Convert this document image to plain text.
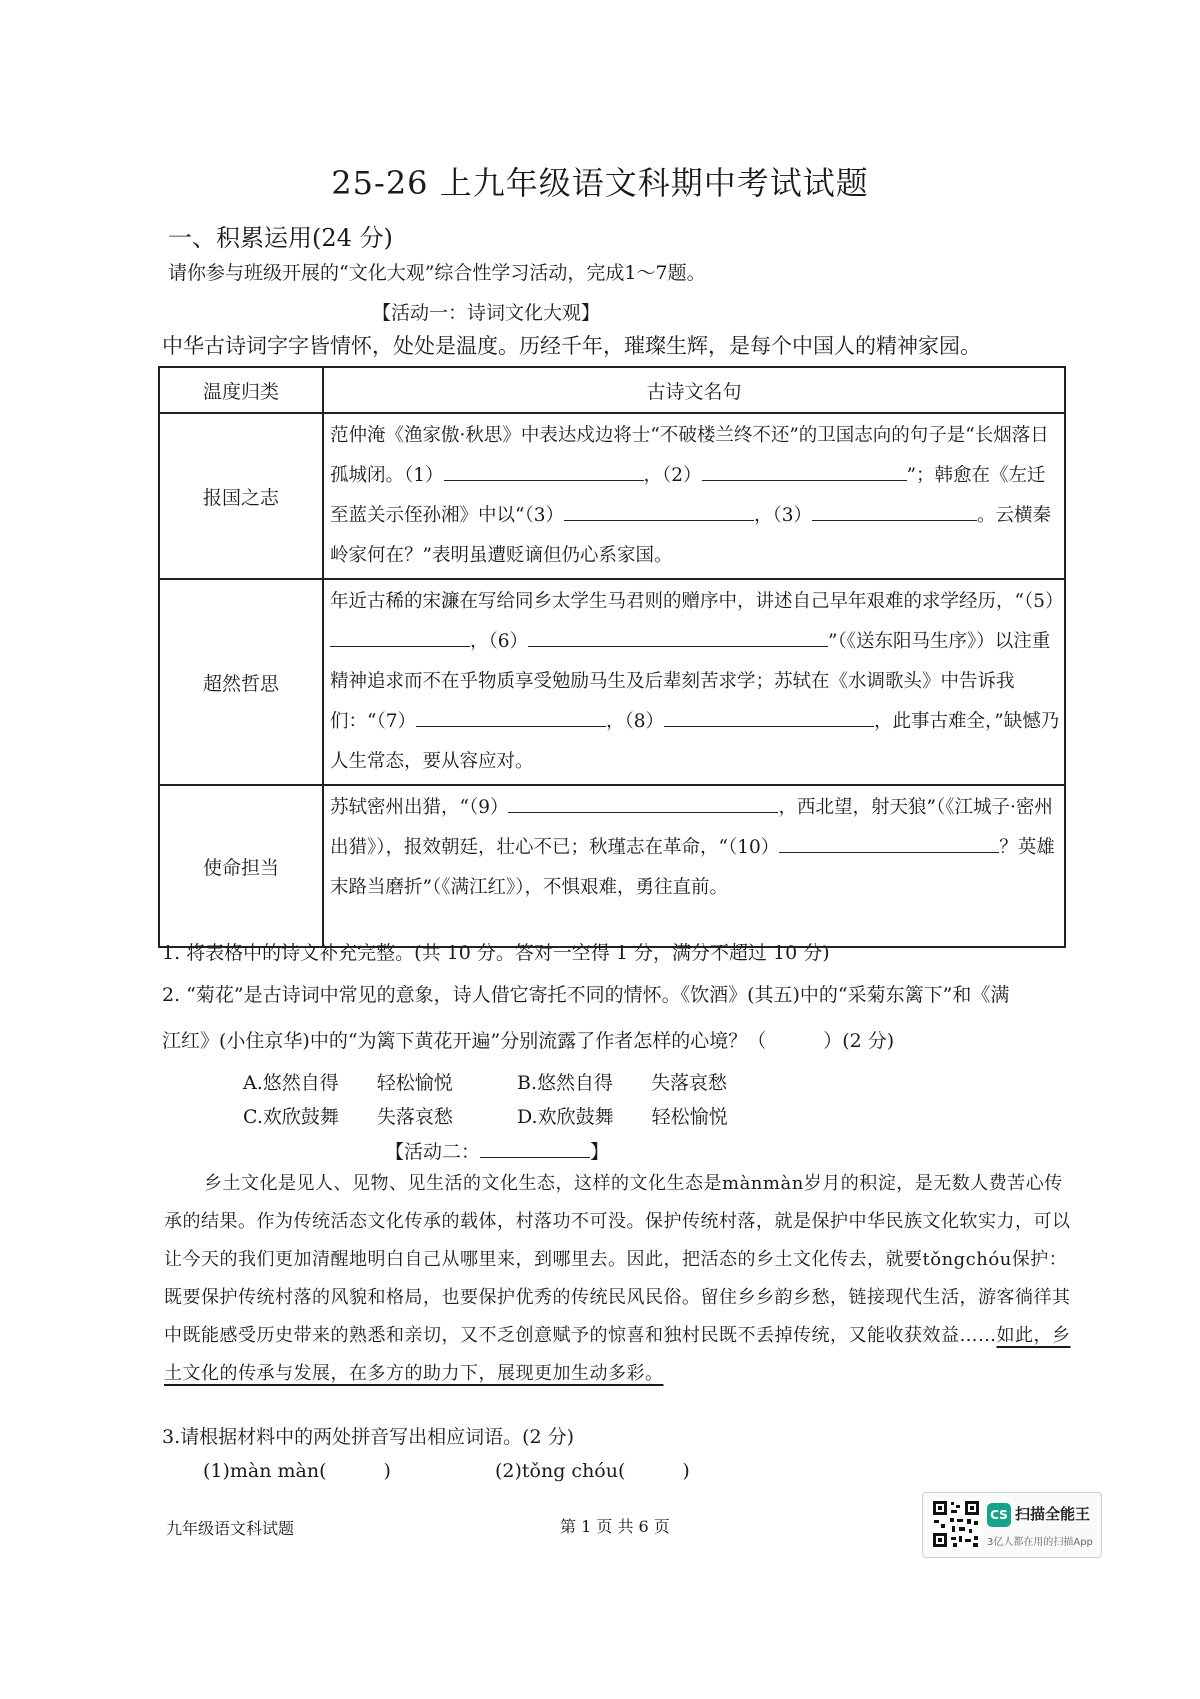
25-26 上九年级语文科期中考试试题
一、积累运用(24 分)
请你参与班级开展的“文化大观”综合性学习活动，完成1～7题。
【活动一：诗词文化大观】
中华古诗词字字皆情怀，处处是温度。历经千年，璀璨生辉，是每个中国人的精神家园。
温度归类	古诗文名句
报国之志	范仲淹《渔家傲·秋思》中表达戍边将士“不破楼兰终不还”的卫国志向的句子是“长烟落日孤城闭。（1） ，（2） ”；韩愈在《左迁至蓝关示侄孙湘》中以“（3） ，（3） 。云横秦岭家何在？”表明虽遭贬谪但仍心系家国。
超然哲思	年近古稀的宋濂在写给同乡太学生马君则的赠序中，讲述自己早年艰难的求学经历，“（5），（6） ”（《送东阳马生序》）以注重精神追求而不在乎物质享受勉励马生及后辈刻苦求学；苏轼在《水调歌头》中告诉我们：“（7） ，（8） ，此事古难全，”缺憾乃人生常态，要从容应对。
使命担当	苏轼密州出猎，“（9） ，西北望，射天狼”（《江城子·密州出猎》），报效朝廷，壮心不已；秋瑾志在革命，“（10） ？英雄末路当磨折”（《满江红》），不惧艰难，勇往直前。
1. 将表格中的诗文补充完整。(共 10 分。答对一空得 1 分，满分不超过 10 分)
2. “菊花”是古诗词中常见的意象，诗人借它寄托不同的情怀。《饮酒》(其五)中的“采菊东篱下”和《满
江红》(小住京华)中的“为篱下黄花开遍”分别流露了作者怎样的心境？（　　　）(2 分)
A.悠然自得　　轻松愉悦	B.悠然自得　　失落哀愁
C.欢欣鼓舞　　失落哀愁	D.欢欣鼓舞　　轻松愉悦
【活动二：	】
乡土文化是见人、见物、见生活的文化生态，这样的文化生态是mànmàn岁月的积淀，是无数人费苦心传承的结果。作为传统活态文化传承的载体，村落功不可没。保护传统村落，就是保护中华民族文化软实力，可以让今天的我们更加清醒地明白自己从哪里来，到哪里去。因此，把活态的乡土文化传去，就要tǒngchóu保护：既要保护传统村落的风貌和格局，也要保护优秀的传统民风民俗。留住乡乡韵乡愁，链接现代生活，游客徜徉其中既能感受历史带来的熟悉和亲切，又不乏创意赋予的惊喜和独村民既不丢掉传统，又能收获效益……如此，乡土文化的传承与发展，在多方的助力下，展现更加生动多彩。
3.请根据材料中的两处拼音写出相应词语。(2 分)
(1)màn màn(　　　)	(2)tǒng chóu(　　　)
九年级语文科试题	第 1 页 共 6 页
CS 扫描全能王
3亿人都在用的扫描App
